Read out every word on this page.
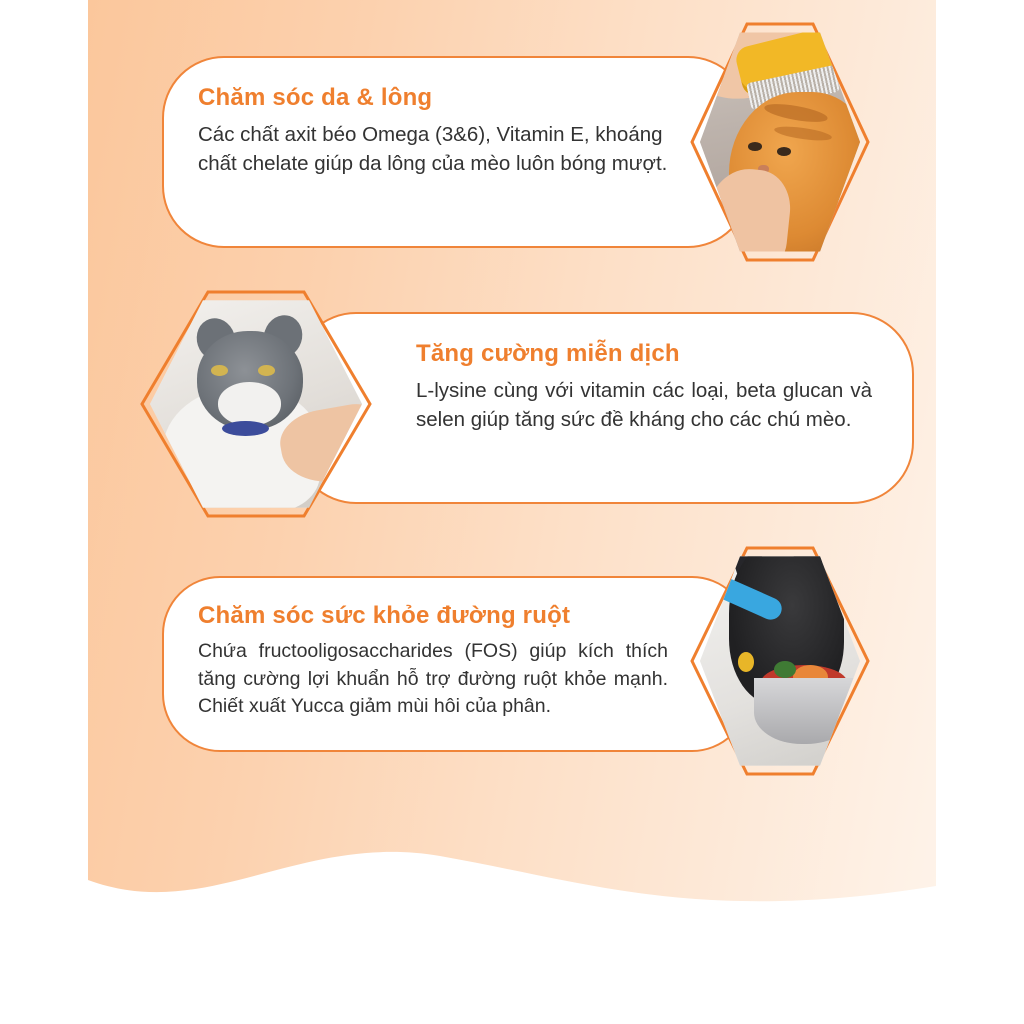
Chăm sóc da & lông
Các chất axit béo Omega (3&6), Vitamin E, khoáng chất chelate giúp da lông của mèo luôn bóng mượt.
Tăng cường miễn dịch
L-lysine cùng với vitamin các loại, beta glucan và selen giúp tăng sức đề kháng cho các chú mèo.
Chăm sóc sức khỏe đường ruột
Chứa fructooligosaccharides (FOS) giúp kích thích tăng cường lợi khuẩn hỗ trợ đường ruột khỏe mạnh. Chiết xuất Yucca giảm mùi hôi của phân.
